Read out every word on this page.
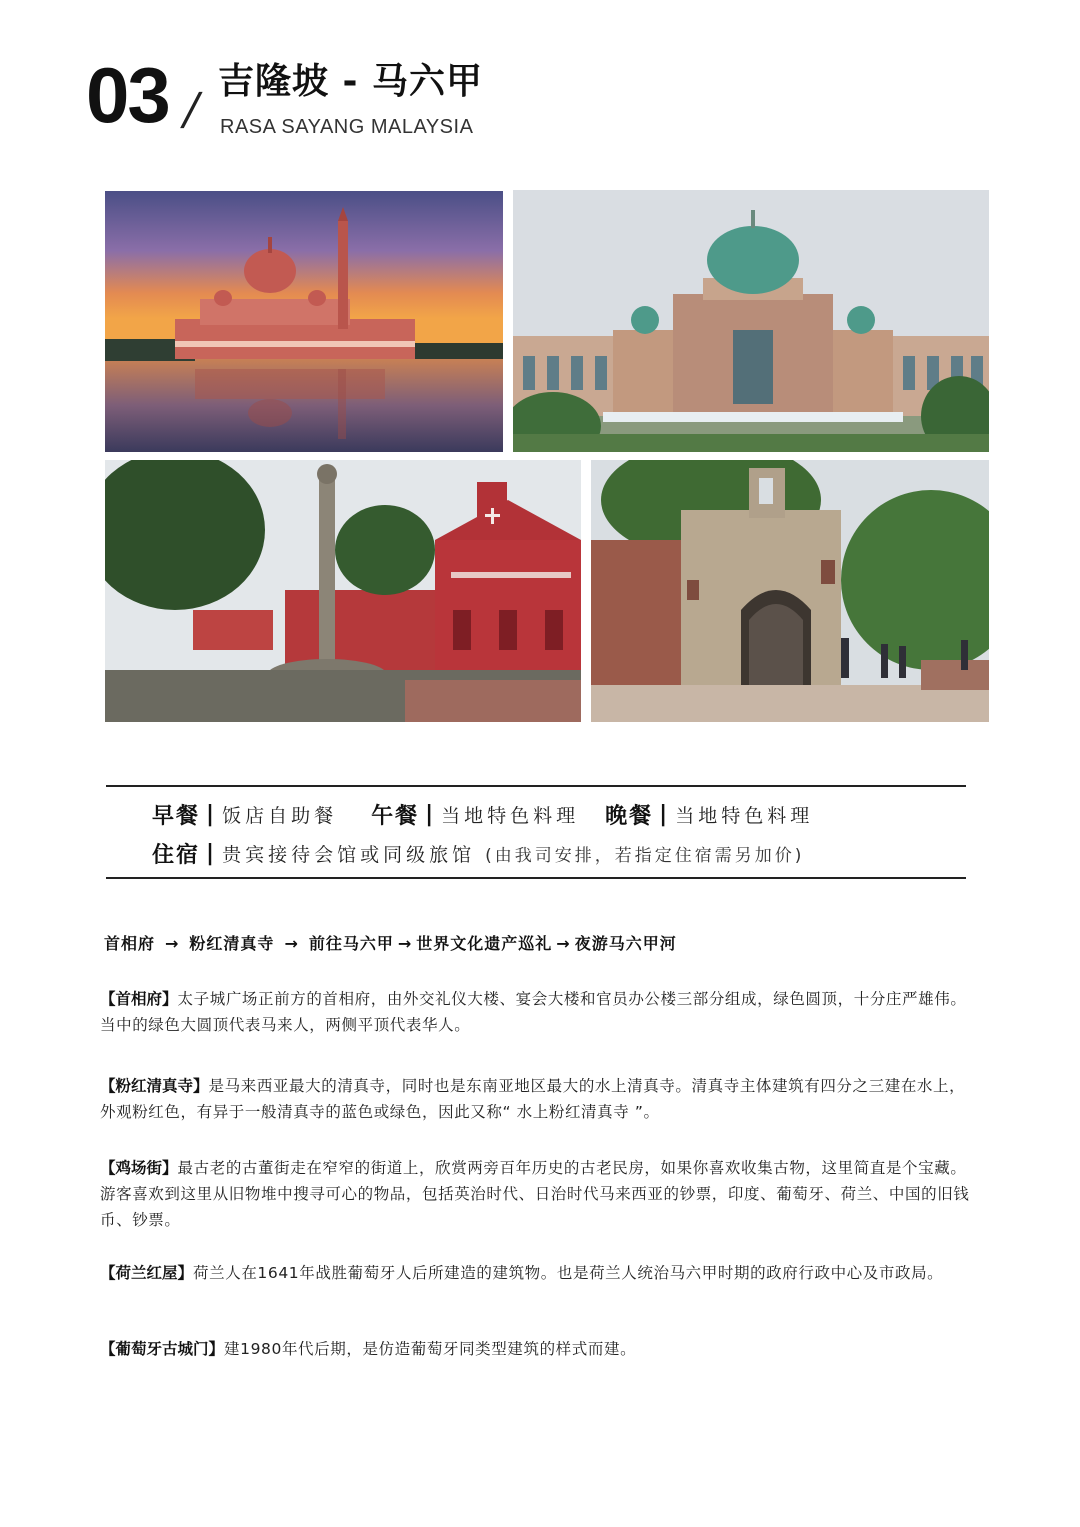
03 /
吉隆坡 - 马六甲
RASA SAYANG MALAYSIA
早餐 | 饭店自助餐 午餐 | 当地特色料理 晚餐 | 当地特色料理
住宿 | 贵宾接待会馆或同级旅馆 (由我司安排，若指定住宿需另加价)
首相府 → 粉红清真寺 → 前往马六甲 → 世界文化遗产巡礼 → 夜游马六甲河
【首相府】太子城广场正前方的首相府，由外交礼仪大楼、宴会大楼和官员办公楼三部分组成，绿色圆顶，十分庄严雄伟。当中的绿色大圆顶代表马来人，两侧平顶代表华人。
【粉红清真寺】是马来西亚最大的清真寺，同时也是东南亚地区最大的水上清真寺。清真寺主体建筑有四分之三建在水上，外观粉红色，有异于一般清真寺的蓝色或绿色，因此又称“ 水上粉红清真寺 ”。
【鸡场街】最古老的古董街走在窄窄的街道上，欣赏两旁百年历史的古老民房，如果你喜欢收集古物，这里简直是个宝藏。游客喜欢到这里从旧物堆中搜寻可心的物品，包括英治时代、日治时代马来西亚的钞票，印度、葡萄牙、荷兰、中国的旧钱币、钞票。
【荷兰红屋】荷兰人在1641年战胜葡萄牙人后所建造的建筑物。也是荷兰人统治马六甲时期的政府行政中心及市政局。
【葡萄牙古城门】建1980年代后期，是仿造葡萄牙同类型建筑的样式而建。
